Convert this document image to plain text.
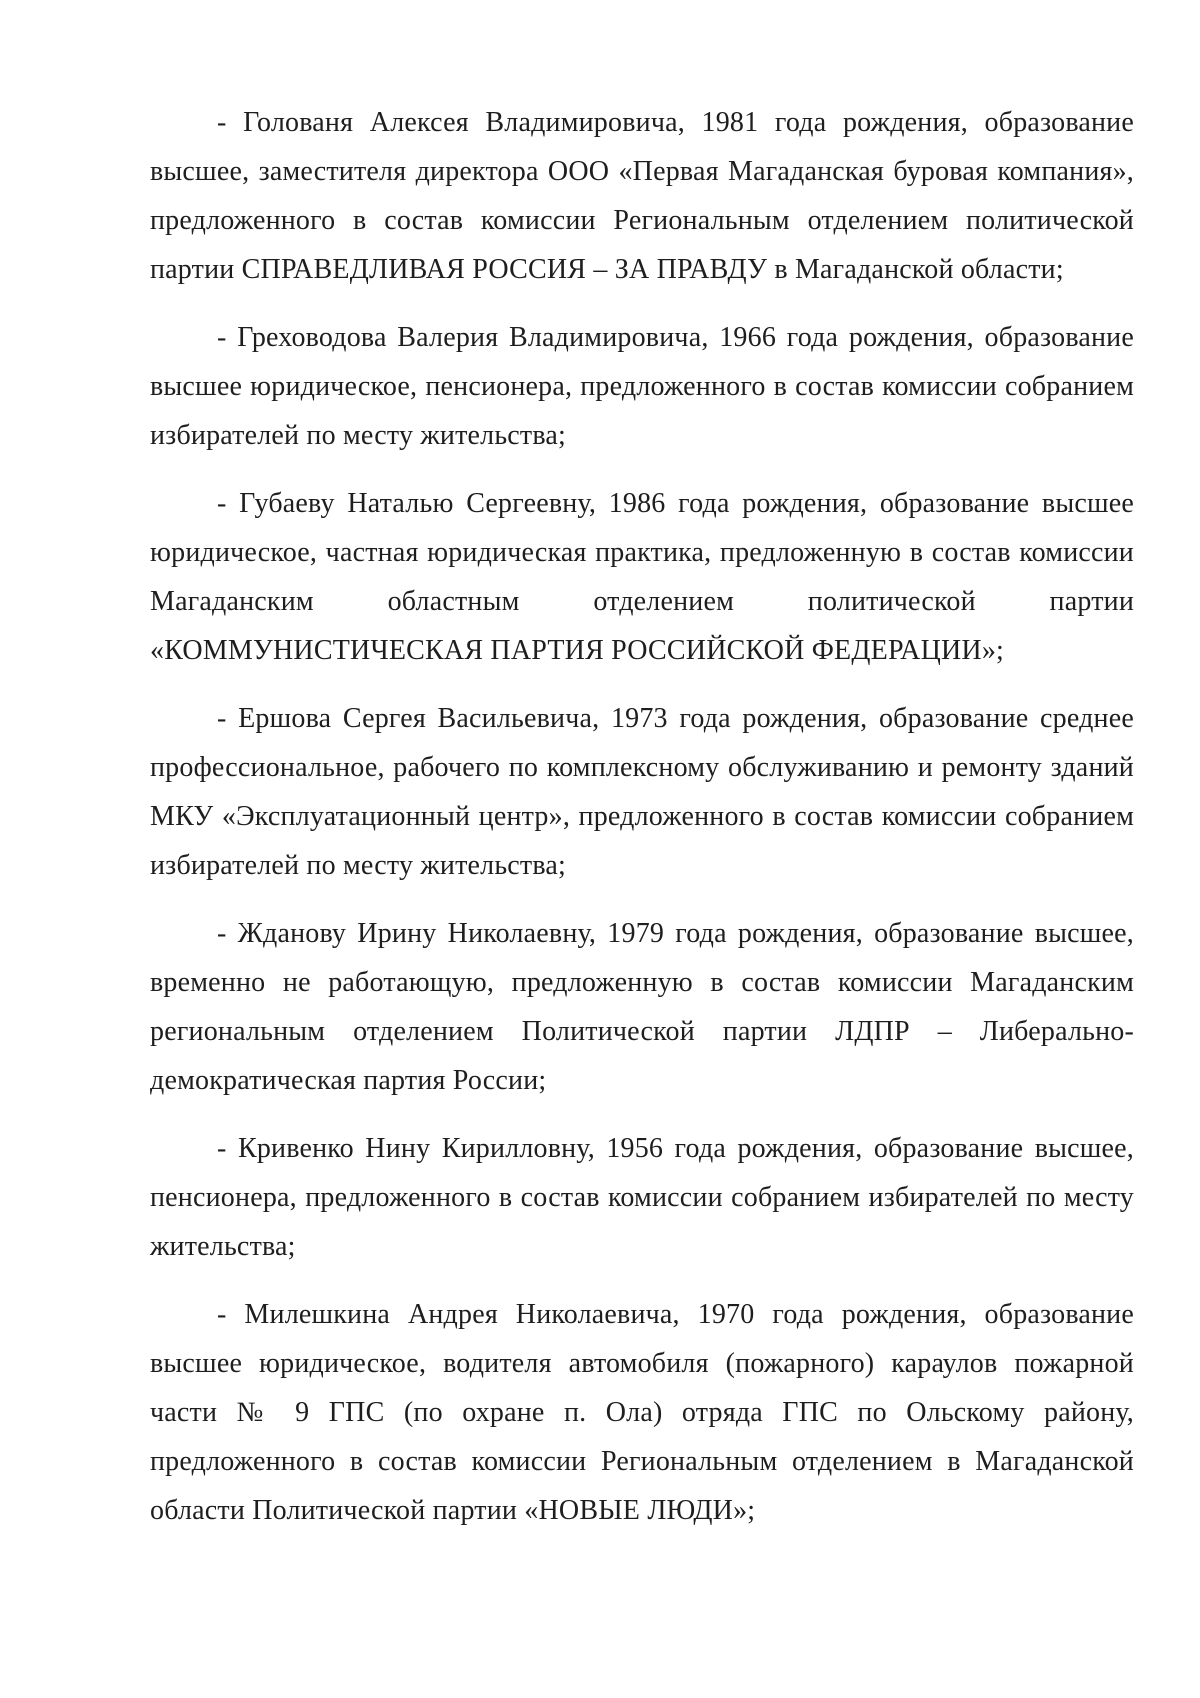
- Голованя Алексея Владимировича, 1981 года рождения, образование высшее, заместителя директора ООО «Первая Магаданская буровая компания», предложенного в состав комиссии Региональным отделением политической партии СПРАВЕДЛИВАЯ РОССИЯ – ЗА ПРАВДУ в Магаданской области;

- Греховодова Валерия Владимировича, 1966 года рождения, образование высшее юридическое, пенсионера, предложенного в состав комиссии собранием избирателей по месту жительства;

- Губаеву Наталью Сергеевну, 1986 года рождения, образование высшее юридическое, частная юридическая практика, предложенную в состав комиссии Магаданским областным отделением политической партии «КОММУНИСТИЧЕСКАЯ ПАРТИЯ РОССИЙСКОЙ ФЕДЕРАЦИИ»;

- Ершова Сергея Васильевича, 1973 года рождения, образование среднее профессиональное, рабочего по комплексному обслуживанию и ремонту зданий МКУ «Эксплуатационный центр», предложенного в состав комиссии собранием избирателей по месту жительства;

- Жданову Ирину Николаевну, 1979 года рождения, образование высшее, временно не работающую, предложенную в состав комиссии Магаданским региональным отделением Политической партии ЛДПР – Либерально-демократическая партия России;

- Кривенко Нину Кирилловну, 1956 года рождения, образование высшее, пенсионера, предложенного в состав комиссии собранием избирателей по месту жительства;

- Милешкина Андрея Николаевича, 1970 года рождения, образование высшее юридическое, водителя автомобиля (пожарного) караулов пожарной части № 9 ГПС (по охране п. Ола) отряда ГПС по Ольскому району, предложенного в состав комиссии Региональным отделением в Магаданской области Политической партии «НОВЫЕ ЛЮДИ»;
